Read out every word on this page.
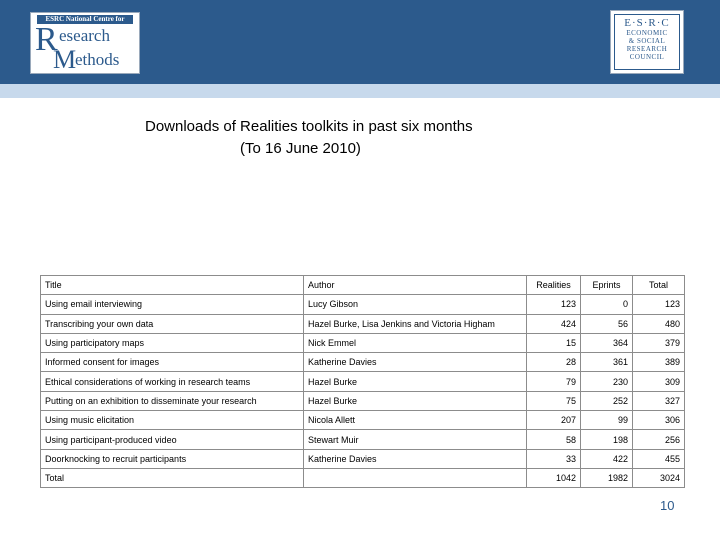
ESRC National Centre for
R esearch
M
ethods
E·S·R·C
ECONOMIC
& SOCIAL
RESEARCH
COUNCIL
Downloads of Realities toolkits in past six months
(To 16 June 2010)
Title	Author	Realities	Eprints	Total
Using email interviewing	Lucy Gibson	123	0	123
Transcribing your own data	Hazel Burke, Lisa Jenkins and Victoria Higham	424	56	480
Using participatory maps	Nick Emmel	15	364	379
Informed consent for images	Katherine Davies	28	361	389
Ethical considerations of working in research teams	Hazel Burke	79	230	309
Putting on an exhibition to disseminate your research	Hazel Burke	75	252	327
Using music elicitation	Nicola Allett	207	99	306
Using participant-produced video	Stewart Muir	58	198	256
Doorknocking to recruit participants	Katherine Davies	33	422	455
Total		1042	1982	3024
10
